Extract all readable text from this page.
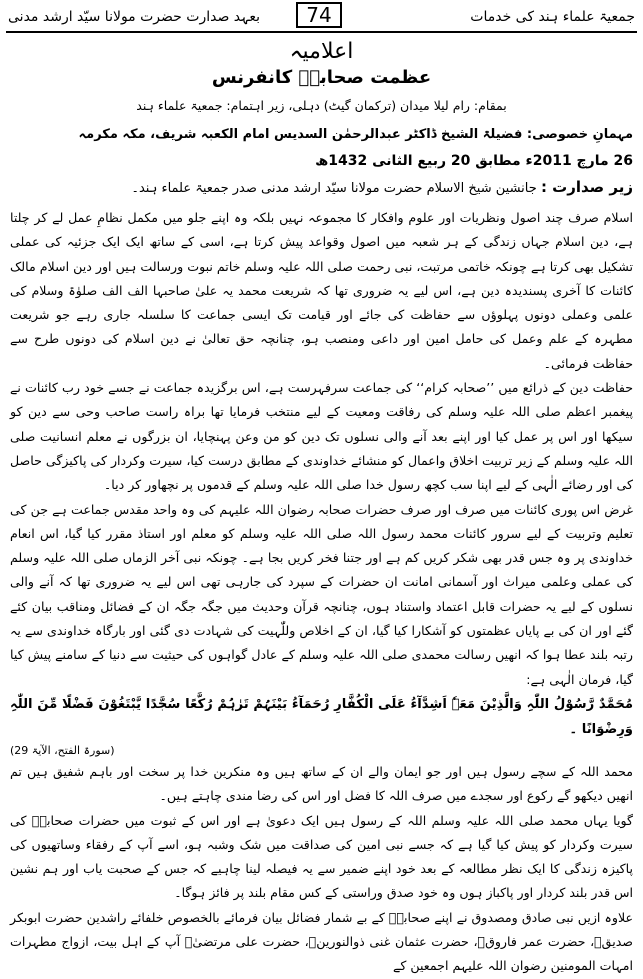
بعہد صدارت حضرت مولانا سیّد ارشد مدنی	74	جمعیۃ علماء ہند کی خدمات
اعلامیہ
عظمت صحابہؓ کانفرنس
بمقام: رام لیلا میدان (ترکمان گیٹ) دہلی، زیر اہتمام: جمعیۃ علماء ہند
مہمانِ خصوصی: فضیلۃ الشیخ ڈاکٹر عبدالرحمٰن السدیس امام الکعبہ شریف، مکہ مکرمہ
26 مارچ 2011ء مطابق 20 ربیع الثانی 1432ھ
زیر صدارت : جانشین شیخ الاسلام حضرت مولانا سیّد ارشد مدنی صدر جمعیۃ علماء ہند۔

اسلام صرف چند اصول ونظریات اور علوم وافکار کا مجموعہ نہیں بلکہ وہ اپنے جلو میں مکمل نظامِ عمل لے کر چلتا ہے، دین اسلام جہاں زندگی کے ہر شعبہ میں اصول وقواعد پیش کرتا ہے، اسی کے ساتھ ایک ایک جزئیہ کی عملی تشکیل بھی کرتا ہے چونکہ خاتمی مرتبت، نبی رحمت صلی اللہ علیہ وسلم خاتم نبوت ورسالت ہیں اور دین اسلام مالک کائنات کا آخری پسندیدہ دین ہے، اس لیے یہ ضروری تھا کہ شریعت محمد یہ علیٰ صاحبہا الف الف صلوٰۃ وسلام کی علمی وعملی دونوں پہلوؤں سے حفاظت کی جائے اور قیامت تک ایسی جماعت کا سلسلہ جاری رہے جو شریعت مطہرہ کے علم وعمل کی حامل امین اور داعی ومنصب ہو، چنانچہ حق تعالیٰ نے دین اسلام کی دونوں طرح سے حفاظت فرمائی۔

حفاظت دین کے ذرائع میں ’’صحابہ کرام‘‘ کی جماعت سرفہرست ہے، اس برگزیدہ جماعت نے جسے خود رب کائنات نے پیغمبر اعظم صلی اللہ علیہ وسلم کی رفاقت ومعیت کے لیے منتخب فرمایا تھا براہ راست صاحب وحی سے دین کو سیکھا اور اس پر عمل کیا اور اپنے بعد آنے والی نسلوں تک دین کو من وعن پہنچایا، ان بزرگوں نے معلم انسانیت صلی اللہ علیہ وسلم کے زیر تربیت اخلاق واعمال کو منشائے خداوندی کے مطابق درست کیا، سیرت وکردار کی پاکیزگی حاصل کی اور رضائے الٰہی کے لیے اپنا سب کچھ رسول خدا صلی اللہ علیہ وسلم کے قدموں پر نچھاور کر دیا۔

غرض اس پوری کائنات میں صرف اور صرف حضرات صحابہ رضوان اللہ علیہم کی وہ واحد مقدس جماعت ہے جن کی تعلیم وتربیت کے لیے سرور کائنات محمد رسول اللہ صلی اللہ علیہ وسلم کو معلم اور استاذ مقرر کیا گیا، اس انعام خداوندی پر وہ جس قدر بھی شکر کریں کم ہے اور جتنا فخر کریں بجا ہے۔ چونکہ نبی آخر الزماں صلی اللہ علیہ وسلم کی عملی وعلمی میراث اور آسمانی امانت ان حضرات کے سپرد کی جارہی تھی اس لیے یہ ضروری تھا کہ آنے والی نسلوں کے لیے یہ حضرات قابل اعتماد واستناد ہوں، چنانچہ قرآن وحدیث میں جگہ جگہ ان کے فضائل ومناقب بیان کئے گئے اور ان کی بے پایاں عظمتوں کو آشکارا کیا گیا، ان کے اخلاص وللّٰہیت کی شہادت دی گئی اور بارگاہ خداوندی سے یہ رتبہ بلند عطا ہوا کہ انھیں رسالت محمدی صلی اللہ علیہ وسلم کے عادل گواہوں کی حیثیت سے دنیا کے سامنے پیش کیا گیا، فرمان الٰہی ہے:

مُحَمَّدٌ رَّسُوْلُ اللّٰہِ وَالَّذِیْنَ مَعَہٗ اَشِدَّآءُ عَلَی الْکُفَّارِ رُحَمَآءُ بَیْنَہُمْ تَرٰہُمْ رُکَّعًا سُجَّدًا یَّبْتَغُوْنَ فَضْلًا مِّنَ اللّٰہِ وَرِضْوَانًا ۔

(سورۃ الفتح، الآیۃ 29)

محمد اللہ کے سچے رسول ہیں اور جو ایمان والے ان کے ساتھ ہیں وہ منکرین خدا پر سخت اور باہم شفیق ہیں تم انھیں دیکھو گے رکوع اور سجدے میں صرف اللہ کا فضل اور اس کی رضا مندی چاہتے ہیں۔

گویا یہاں محمد صلی اللہ علیہ وسلم اللہ کے رسول ہیں ایک دعویٰ ہے اور اس کے ثبوت میں حضرات صحابہؓ کی سیرت وکردار کو پیش کیا گیا ہے کہ جسے نبی امین کی صداقت میں شک وشبہ ہو، اسے آپ کے رفقاء وساتھیوں کی پاکیزہ زندگی کا ایک نظر مطالعہ کے بعد خود اپنے ضمیر سے یہ فیصلہ لینا چاہیے کہ جس کے صحبت یاب اور ہم نشین اس قدر بلند کردار اور پاکباز ہوں وہ خود صدق وراستی کے کس مقام بلند پر فائز ہوگا۔

علاوہ ازیں نبی صادق ومصدوق نے اپنے صحابہؓ کے بے شمار فضائل بیان فرمائے بالخصوص خلفائے راشدین حضرت ابوبکر صدیقؓ، حضرت عمر فاروقؓ، حضرت عثمان غنی ذوالنورینؓ، حضرت علی مرتضیٰؓ آپ کے اہل بیت، ازواج مطہرات امہات المومنین رضوان اللہ علیہم اجمعین کے
